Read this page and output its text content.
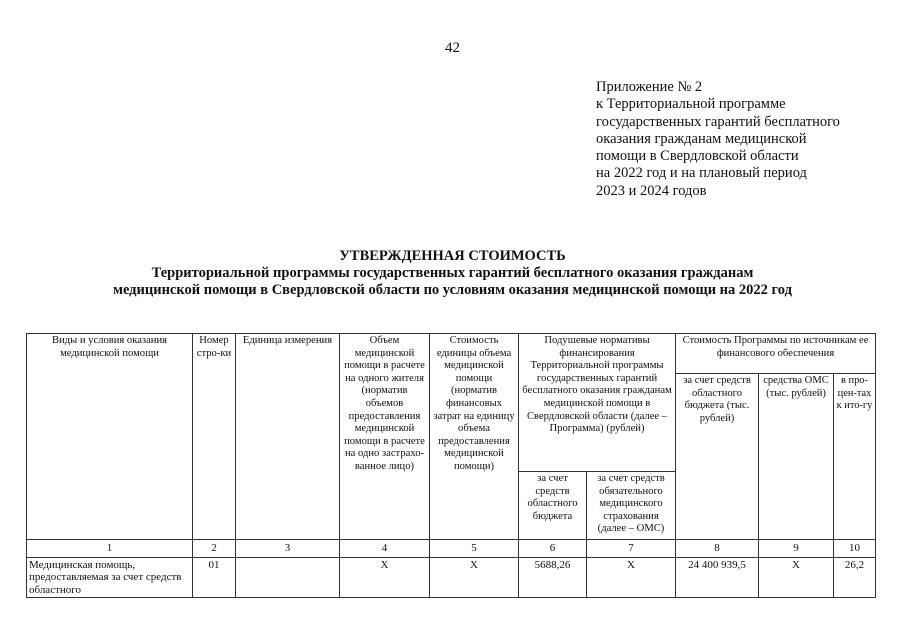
42
Приложение № 2
к Территориальной программе
государственных гарантий бесплатного
оказания гражданам медицинской
помощи в Свердловской области
на 2022 год и на плановый период
2023 и 2024 годов
УТВЕРЖДЕННАЯ СТОИМОСТЬ
Территориальной программы государственных гарантий бесплатного оказания гражданам
медицинской помощи в Свердловской области по условиям оказания медицинской помощи на 2022 год
Виды и условия оказания медицинской помощи	Номер стро-ки	Единица измерения	Объем медицинской помощи в расчете на одного жителя (норматив объемов предоставления медицинской помощи в расчете на одно застрахо-ванное лицо)	Стоимость единицы объема медицинской помощи (норматив финансовых затрат на единицу объема предоставления медицинской помощи)	Подушевые нормативы финансирования Территориальной программы государственных гарантий бесплатного оказания гражданам медицинской помощи в Свердловской области (далее – Программа) (рублей)		Стоимость Программы по источникам ее финансового обеспечения		
							за счет средств областного бюджета (тыс. рублей)	средства ОМС (тыс. рублей)	в про-цен-тах к ито-гу
					за счет средств областного бюджета	за счет средств обязательного медицинского страхования (далее – ОМС)			
1	2	3	4	5	6	7	8	9	10
Медицинская помощь, предоставляемая за счет средств областного	01		X	X	5688,26	X	24 400 939,5	X	26,2
